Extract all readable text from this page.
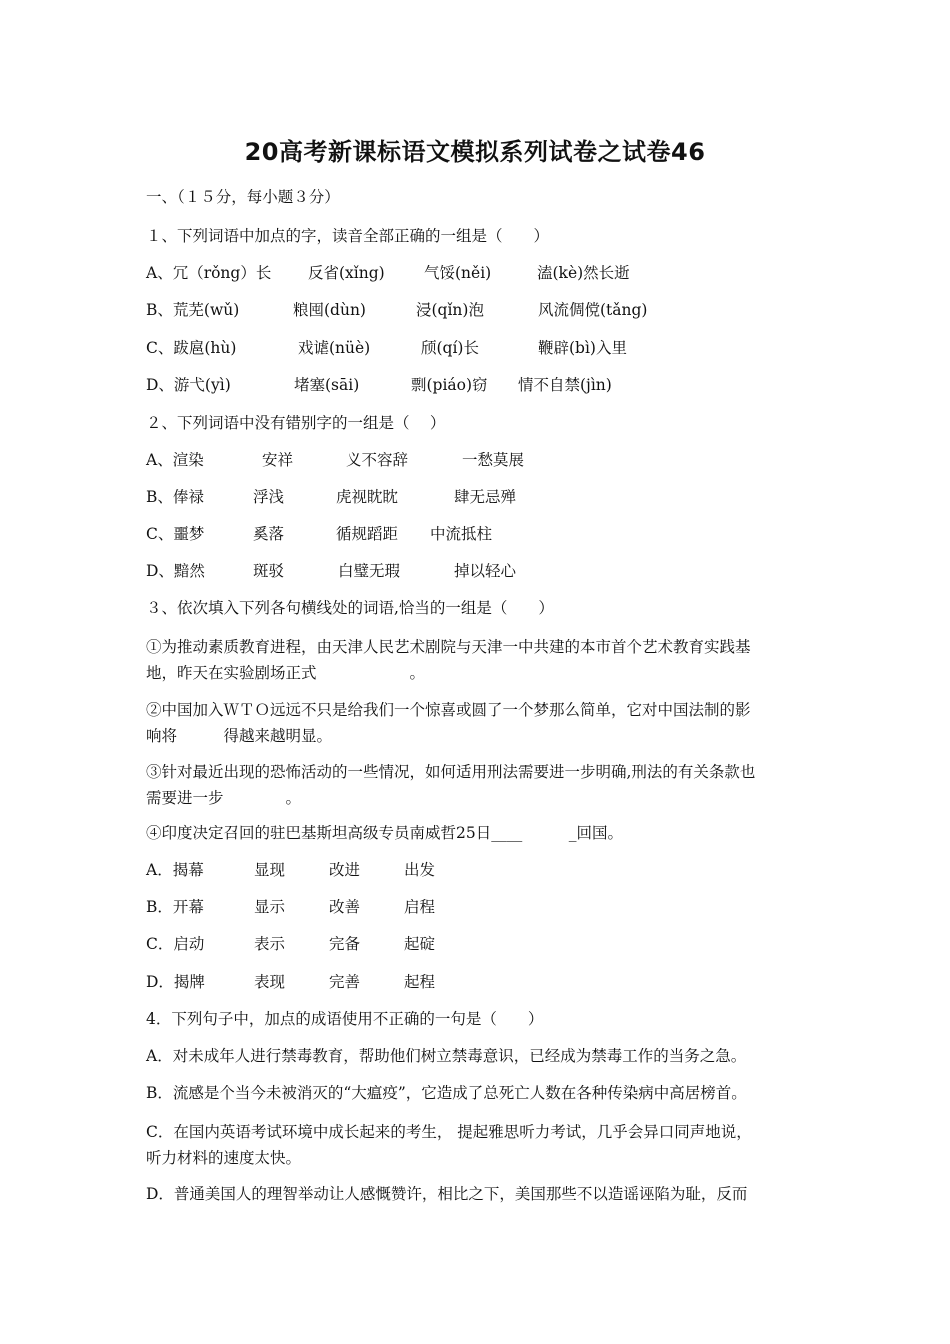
20高考新课标语文模拟系列试卷之试卷46
一、（１５分，每小题３分）
１、下列词语中加点的字，读音全部正确的一组是（　　）
A、冗（rǒng）长 反省(xǐng)	气馁(něi)	溘(kè)然长逝
B、荒芜(wǔ)	粮囤(dùn)	浸(qǐn)泡	风流倜傥(tǎng)
C、跋扈(hù)	戏谑(nüè)	颀(qí)长	鞭辟(bì)入里
D、游弋(yì)	堵塞(sāi)	剽(piáo)窃 情不自禁(jìn)
２、下列词语中没有错别字的一组是（　 ）
A、渲染	安祥	义不容辞	一愁莫展
B、俸禄	浮浅	虎视眈眈	肆无忌殚
C、噩梦	奚落	循规蹈距 中流抵柱
D、黯然	斑驳	白璧无瑕	掉以轻心
３、依次填入下列各句横线处的词语,恰当的一组是（　　）
①为推动素质教育进程，由天津人民艺术剧院与天津一中共建的本市首个艺术教育实践基
地，昨天在实验剧场正式　　　　　　。
②中国加入ＷＴＯ远远不只是给我们一个惊喜或圆了一个梦那么简单，它对中国法制的影
响将　　　得越来越明显。
③针对最近出现的恐怖活动的一些情况，如何适用刑法需要进一步明确,刑法的有关条款也
需要进一步　　　　。
④印度决定召回的驻巴基斯坦高级专员南威哲25日____　　　_回国。
A．揭幕	显现	改进	出发
B．开幕	显示	改善	启程
C．启动	表示	完备	起碇
D．揭牌	表现	完善	起程
4．下列句子中，加点的成语使用不正确的一句是（　　）
A．对未成年人进行禁毒教育，帮助他们树立禁毒意识，已经成为禁毒工作的当务之急。
B．流感是个当今未被消灭的“大瘟疫”，它造成了总死亡人数在各种传染病中高居榜首。
C．在国内英语考试环境中成长起来的考生， 提起雅思听力考试，几乎会异口同声地说，
听力材料的速度太快。
D．普通美国人的理智举动让人感慨赞许，相比之下，美国那些不以造谣诬陷为耻，反而
